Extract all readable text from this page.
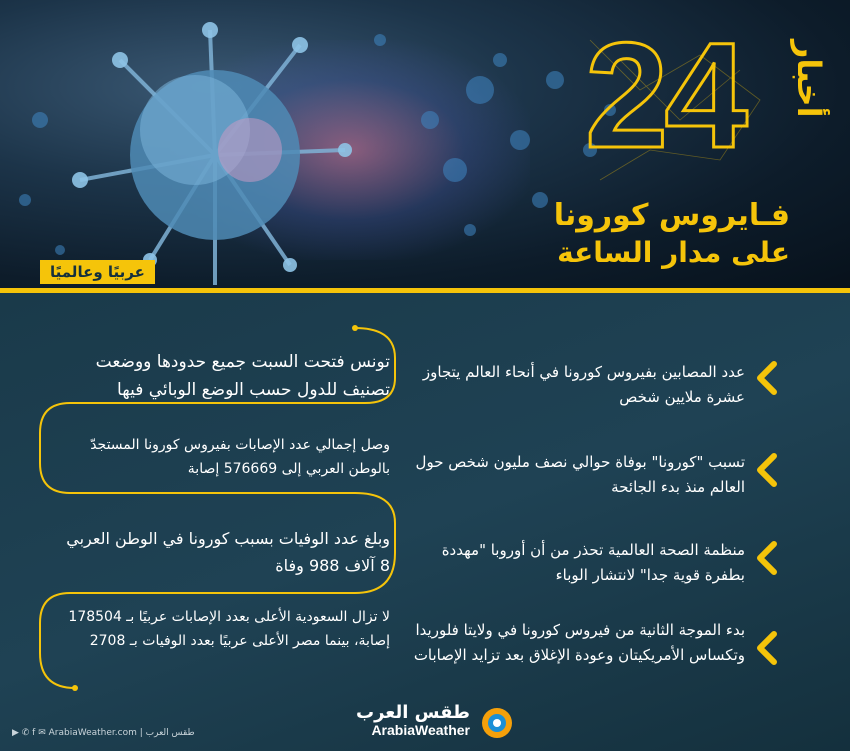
24 أخبار
فـايروس كورونا
على مدار الساعة
عربيًا وعالميًا
عدد المصابين بفيروس كورونا في أنحاء العالم يتجاوز عشرة ملايين شخص
تسبب "كورونا" بوفاة حوالي نصف مليون شخص حول العالم منذ بدء الجائحة
منظمة الصحة العالمية تحذر من أن أوروبا "مهددة بطفرة قوية جدا" لانتشار الوباء
بدء الموجة الثانية من فيروس كورونا في ولايتا فلوريدا وتكساس الأمريكيتان وعودة الإغلاق بعد تزايد الإصابات
تونس فتحت السبت جميع حدودها ووضعت تصنيف للدول حسب الوضع الوبائي فيها
وصل إجمالي عدد الإصابات بفيروس كورونا المستجدّ بالوطن العربي إلى 576669 إصابة
وبلغ عدد الوفيات بسبب كورونا في الوطن العربي 8 آلاف 988 وفاة
لا تزال السعودية الأعلى بعدد الإصابات عربيًا بـ 178504 إصابة، بينما مصر الأعلى عربيًا بعدد الوفيات بـ 2708
طقس العرب
ArabiaWeather
▶ ✆ f ✉ ArabiaWeather.com | طقس العرب
